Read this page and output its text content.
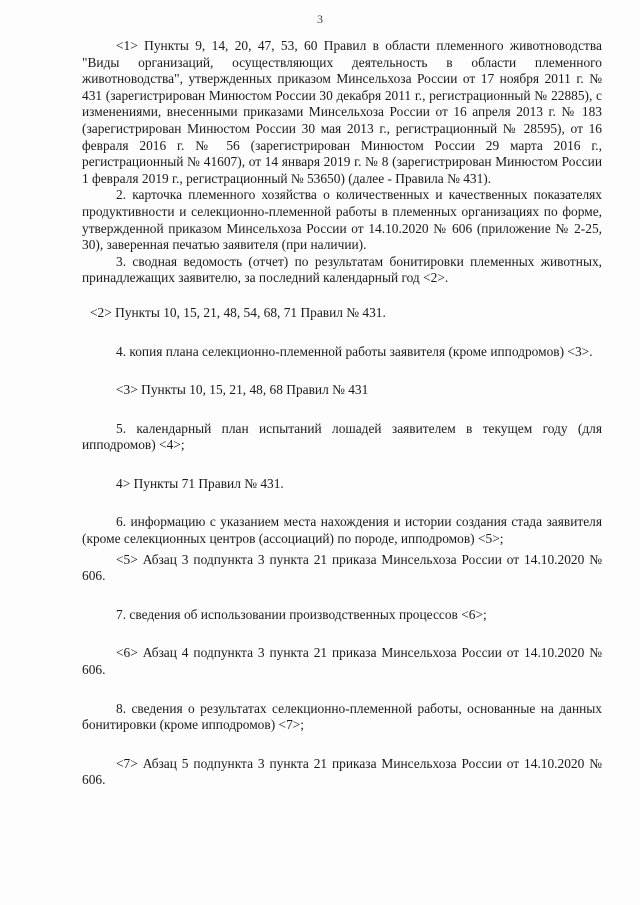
3

<1> Пункты 9, 14, 20, 47, 53, 60 Правил в области племенного животноводства "Виды организаций, осуществляющих деятельность в области племенного животноводства", утвержденных приказом Минсельхоза России от 17 ноября 2011 г. № 431 (зарегистрирован Минюстом России 30 декабря 2011 г., регистрационный № 22885), с изменениями, внесенными приказами Минсельхоза России от 16 апреля 2013 г. № 183 (зарегистрирован Минюстом России 30 мая 2013 г., регистрационный № 28595), от 16 февраля 2016 г. № 56 (зарегистрирован Минюстом России 29 марта 2016 г., регистрационный № 41607), от 14 января 2019 г. № 8 (зарегистрирован Минюстом России 1 февраля 2019 г., регистрационный № 53650) (далее - Правила № 431).

2. карточка племенного хозяйства о количественных и качественных показателях продуктивности и селекционно-племенной работы в племенных организациях по форме, утвержденной приказом Минсельхоза России от 14.10.2020 № 606 (приложение № 2-25, 30), заверенная печатью заявителя (при наличии).

3. сводная ведомость (отчет) по результатам бонитировки племенных животных, принадлежащих заявителю, за последний календарный год <2>.

<2> Пункты 10, 15, 21, 48, 54, 68, 71 Правил № 431.

4. копия плана селекционно-племенной работы заявителя (кроме ипподромов) <3>.

<3> Пункты 10, 15, 21, 48, 68 Правил № 431

5. календарный план испытаний лошадей заявителем в текущем году (для ипподромов) <4>;

4> Пункты 71 Правил № 431.

6. информацию с указанием места нахождения и истории создания стада заявителя (кроме селекционных центров (ассоциаций) по породе, ипподромов) <5>;

<5> Абзац 3 подпункта 3 пункта 21 приказа Минсельхоза России от 14.10.2020 № 606.

7. сведения об использовании производственных процессов <6>;

<6> Абзац 4 подпункта 3 пункта 21 приказа Минсельхоза России от 14.10.2020 № 606.

8. сведения о результатах селекционно-племенной работы, основанные на данных бонитировки (кроме ипподромов) <7>;

<7> Абзац 5 подпункта 3 пункта 21 приказа Минсельхоза России от 14.10.2020 № 606.
